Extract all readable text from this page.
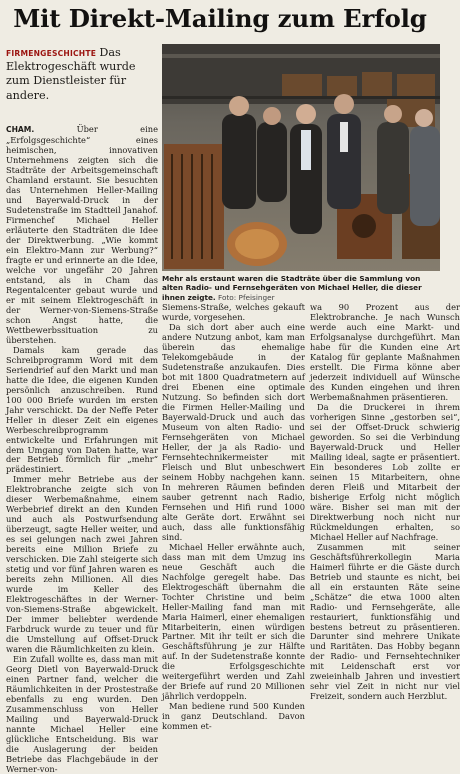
Mit Direkt-Mailing zum Erfolg
FIRMENGESCHICHTE Das Elektrogeschäft wurde zum Dienstleister für andere.
Mehr als erstaunt waren die Stadträte über die Sammlung von alten Radio- und Fernsehgeräten von Michael Heller, die dieser ihnen zeigte. Foto: Pfeisinger

CHAM.	Über eine „Erfolgsgeschichte“ eines heimischen, innovativen Unternehmens zeigten sich die Stadträte der Arbeitsgemeinschaft Chamland erstaunt. Sie besuchten das Unternehmen Heller-Mailing und Bayerwald-Druck in der Sudetenstraße im Stadtteil Janahof. Firmenchef Michael Heller erläuterte den Stadträten die Idee der Direktwerbung. „Wie kommt ein Elektro-Mann zur Werbung?“ fragte er und erinnerte an die Idee, welche vor ungefähr 20 Jahren entstand, als in Cham das Regentalcenter gebaut wurde und er mit seinem Elektrogeschäft in der Werner-von-Siemens-Straße schon Angst hatte, die Wettbewerbssituation zu überstehen.

Damals kam gerade das Schreibprogramm Word mit dem Seriendrief auf den Markt und man hatte die Idee, die eigenen Kunden persönlich anzuschreiben. Rund 100 000 Briefe wurden im ersten Jahr verschickt. Da der Neffe Peter Heller in dieser Zeit ein eigenes Werbeschreibprogramm entwickelte und Erfahrungen mit dem Umgang von Daten hatte, war der Betrieb förmlich für „mehr“ prädestiniert.

Immer mehr Betriebe aus der Elektrobranche zeigte sich von dieser Werbemaßnahme, einem Werbebrief direkt an den Kunden und auch als Postwurfsendung überzeugt, sagte Heller weiter, und es sei gelungen nach zwei Jahren bereits eine Million Briefe zu verschicken. Die Zahl steigerte sich stetig und vor fünf Jahren waren es bereits zehn Millionen. All dies wurde im Keller des Elektrogeschäftes in der Werner-von-Siemens-Straße abgewickelt. Der immer beliebter werdende Farbdruck wurde zu teuer und für die Umstellung auf Offset-Druck waren die Räumlichkeiten zu klein.

Ein Zufall wollte es, dass man mit Georg Dietl von Bayerwald-Druck einen Partner fand, welcher die Räumlichkeiten in der Prostestraße ebenfalls zu eng wurden. Den Zusammenschluss von Heller Mailing und Bayerwald-Druck nannte Michael Heller eine glückliche Entscheidung. Bis war die Auslagerung der beiden Betriebe das Flachgebäude in der Werner-von-

Siemens-Straße, welches gekauft wurde, vorgesehen.

Da sich dort aber auch eine andere Nutzung anbot, kam man überein das ehemalige Telekomgebäude in der Sudetenstraße anzukaufen. Dies bot mit 1800 Quadratmetern auf drei Ebenen eine optimale Nutzung. So befinden sich dort die Firmen Heller-Mailing und Bayerwald-Druck und auch das Museum von alten Radio- und Fernsehgeräten von Michael Heller, der ja als Radio- und Fernsehtechnikermeister mit Fleisch und Blut unbeschwert seinem Hobby nachgehen kann. In mehreren Räumen befinden sauber getrennt nach Radio, Fernsehen und Hifi rund 1000 alte Geräte dort. Erwähnt sei auch, dass alle funktionsfähig sind.

Michael Heller erwähnte auch, dass man mit dem Umzug ins neue Geschäft auch die Nachfolge geregelt habe. Das Elektrogeschäft übernahm die Tochter Christine und beim Heller-Mailing fand man mit Maria Haimerl, einer ehemaligen Mitarbeiterin, einen würdigen Partner. Mit ihr teilt er sich die Geschäftsführung je zur Hälfte auf. In der Sudetenstraße konnte die Erfolgsgeschichte weitergeführt werden und Zahl der Briefe auf rund 20 Millionen jährlich verdoppeln.

Man bediene rund 500 Kunden in ganz Deutschland. Davon kommen et-

wa 90 Prozent aus der Elektrobranche. Je nach Wunsch werde auch eine Markt- und Erfolgsanalyse durchgeführt. Man habe für die Kunden eine Art Katalog für geplante Maßnahmen erstellt. Die Firma könne aber jederzeit individuell auf Wünsche des Kunden eingehen und ihren Werbemaßnahmen präsentieren.

Da die Druckerei in ihrem vorherigen Sinne „gestorben sei“, sei der Offset-Druck schwierig geworden. So sei die Verbindung Bayerwald-Druck und Heller Mailing ideal, sagte er präsentiert. Ein besonderes Lob zollte er seinen 15 Mitarbeitern, ohne deren Fleiß und Mitarbeit der bisherige Erfolg nicht möglich wäre. Bisher sei man mit der Direktwerbung noch nicht nur Rückmeldungen erhalten, so Michael Heller auf Nachfrage.

Zusammen mit seiner Geschäftsführerkollegin Maria Haimerl führte er die Gäste durch Betrieb und staunte es nicht, bei all ein erstaunten Räte seine „Schätze“ die etwa 1000 alten Radio- und Fernsehgeräte, alle restauriert, funktionsfähig und bestens betreut zu präsentieren. Darunter sind mehrere Unikate und Raritäten. Das Hobby begann der Radio- und Fernsehtechniker mit Leidenschaft erst vor zweieinhalb Jahren und investiert sehr viel Zeit in nicht nur viel Freizeit, sondern auch Herzblut.
